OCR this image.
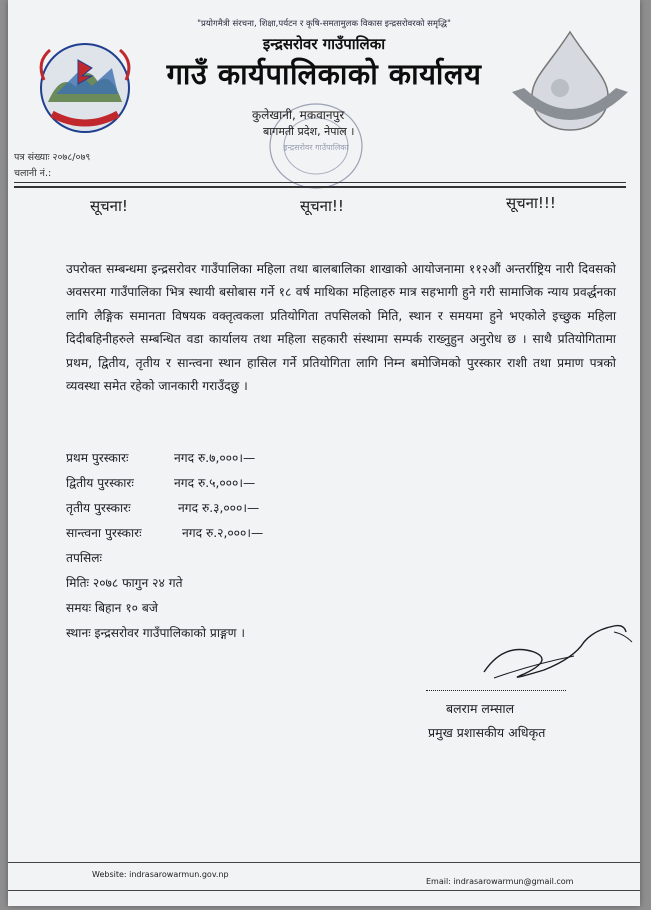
"प्रयोगमैत्री संरचना, शिक्षा,पर्यटन र कृषि-समतामुलक विकास इन्द्रसरोवरको समृद्धि"
इन्द्रसरोवर गाउँपालिका
गाउँ कार्यपालिकाको कार्यालय
इन्द्रसरोवर गाउँपालिका
कुलेखानी, मकवानपुर
बागमती प्रदेश, नेपाल ।
पत्र संख्याः २०७८/०७९
चलानी नं.:
सूचना!	सूचना!!	सूचना!!!
उपरोक्त सम्बन्धमा इन्द्रसरोवर गाउँपालिका महिला तथा बालबालिका शाखाको आयोजनामा ११२औं अन्तर्राष्ट्रिय नारी दिवसको अवसरमा गाउँपालिका भित्र स्थायी बसोबास गर्ने १८ वर्ष माथिका महिलाहरु मात्र सहभागी हुने गरी सामाजिक न्याय प्रवर्द्धनका लागि लैङ्गिक समानता विषयक वक्तृत्वकला प्रतियोगिता तपसिलको मिति, स्थान र समयमा हुने भएकोले इच्छुक महिला दिदीबहिनीहरुले सम्बन्धित वडा कार्यालय तथा महिला सहकारी संस्थामा सम्पर्क राख्नुहुन अनुरोध छ । साथै प्रतियोगितामा प्रथम, द्वितीय, तृतीय र सान्त्वना स्थान हासिल गर्ने प्रतियोगिता लागि निम्न बमोजिमको पुरस्कार राशी तथा प्रमाण पत्रको व्यवस्था समेत रहेको जानकारी गराउँदछु ।
प्रथम पुरस्कारः	नगद रु.७,०००।—
द्वितीय पुरस्कारः	नगद रु.५,०००।—
तृतीय पुरस्कारः	नगद रु.३,०००।—
सान्त्वना पुरस्कारः	नगद रु.२,०००।—
तपसिलः
मितिः २०७८ फागुन २४ गते
समयः बिहान १० बजे
स्थानः इन्द्रसरोवर गाउँपालिकाको प्राङ्गण ।
बलराम लम्साल
प्रमुख प्रशासकीय अधिकृत
Website: indrasarowarmun.gov.np
Email: indrasarowarmun@gmail.com
